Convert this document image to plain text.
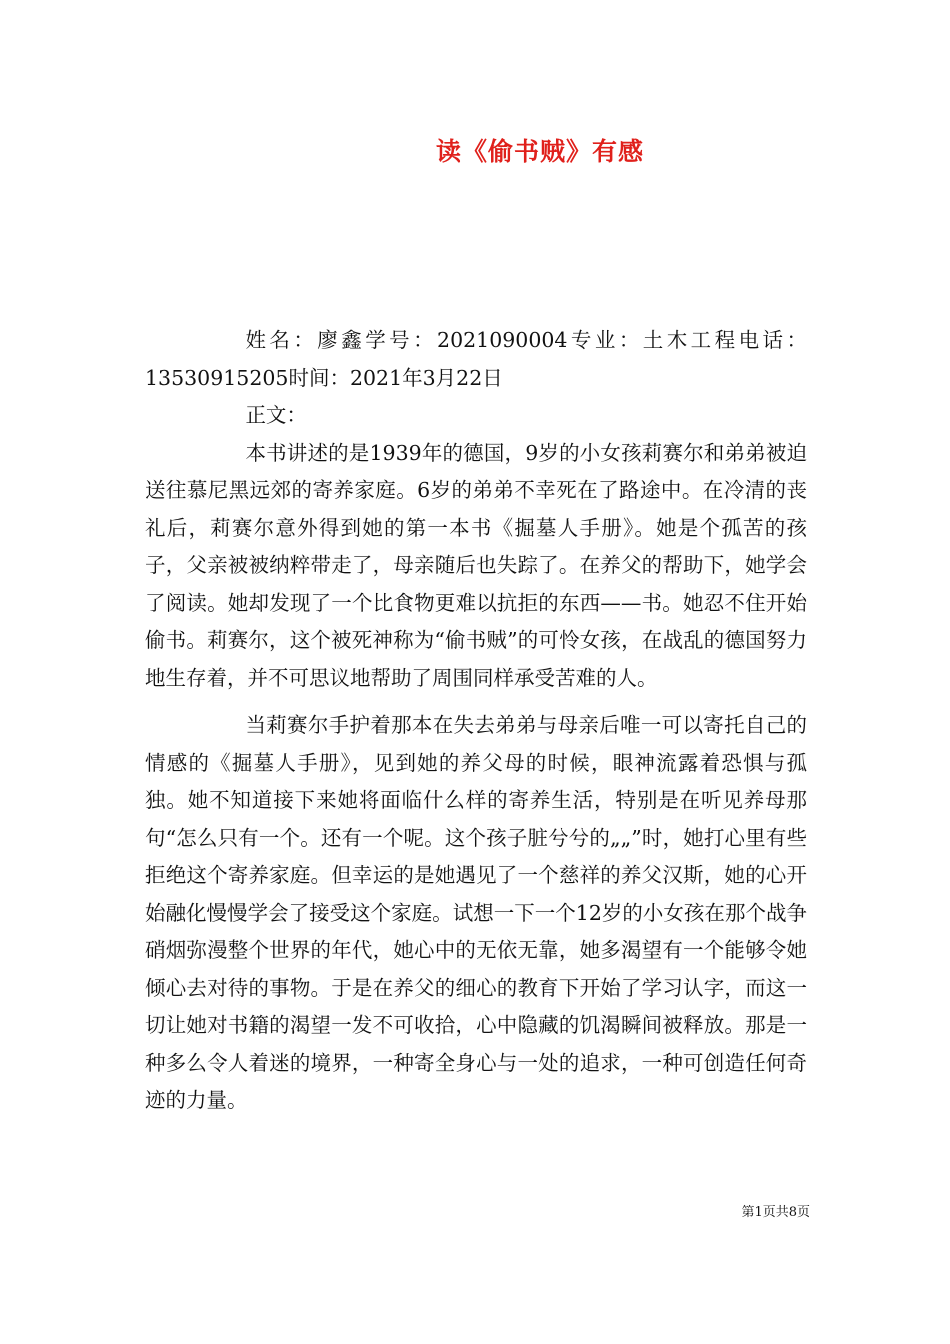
读《偷书贼》有感

姓名：廖鑫学号：2021090004专业：土木工程电话：13530915205时间：2021年3月22日

正文：

本书讲述的是1939年的德国，9岁的小女孩莉赛尔和弟弟被迫送往慕尼黑远郊的寄养家庭。6岁的弟弟不幸死在了路途中。在冷清的丧礼后，莉赛尔意外得到她的第一本书《掘墓人手册》。她是个孤苦的孩子，父亲被被纳粹带走了，母亲随后也失踪了。在养父的帮助下，她学会了阅读。她却发现了一个比食物更难以抗拒的东西——书。她忍不住开始偷书。莉赛尔，这个被死神称为“偷书贼”的可怜女孩，在战乱的德国努力地生存着，并不可思议地帮助了周围同样承受苦难的人。

当莉赛尔手护着那本在失去弟弟与母亲后唯一可以寄托自己的情感的《掘墓人手册》，见到她的养父母的时候，眼神流露着恐惧与孤独。她不知道接下来她将面临什么样的寄养生活，特别是在听见养母那句“怎么只有一个。还有一个呢。这个孩子脏兮兮的„„”时，她打心里有些拒绝这个寄养家庭。但幸运的是她遇见了一个慈祥的养父汉斯，她的心开始融化慢慢学会了接受这个家庭。试想一下一个12岁的小女孩在那个战争硝烟弥漫整个世界的年代，她心中的无依无靠，她多渴望有一个能够令她倾心去对待的事物。于是在养父的细心的教育下开始了学习认字，而这一切让她对书籍的渴望一发不可收拾，心中隐藏的饥渴瞬间被释放。那是一种多么令人着迷的境界，一种寄全身心与一处的追求，一种可创造任何奇迹的力量。

第1页共8页
